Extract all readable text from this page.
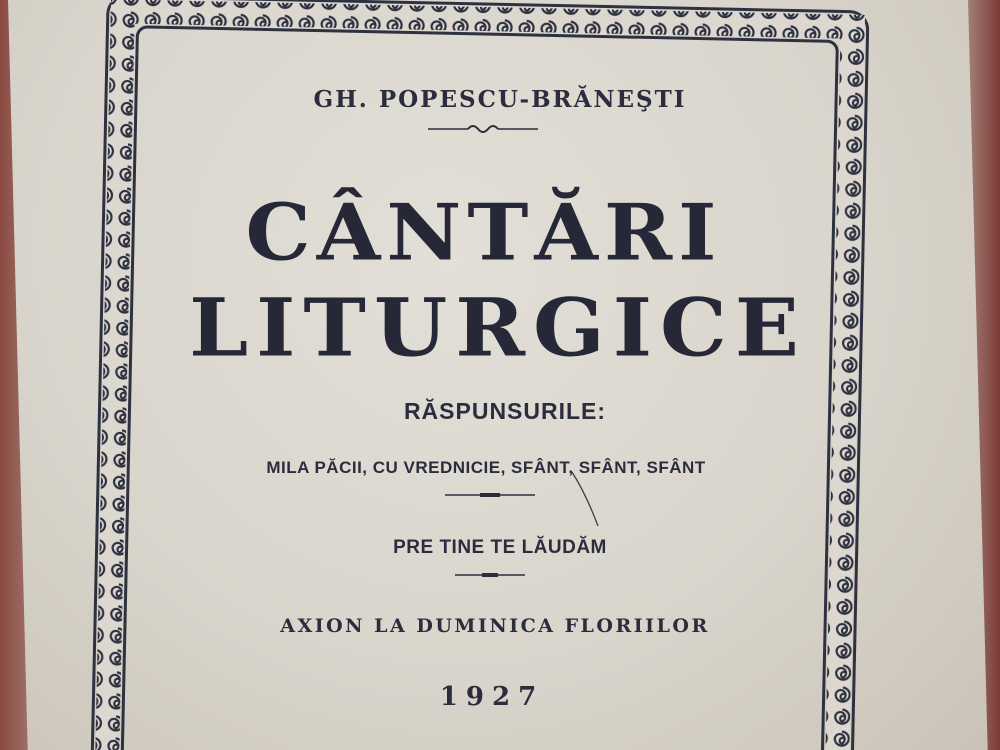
GH. POPESCU-BRĂNEŞTI
CÂNTĂRI
LITURGICE
RĂSPUNSURILE:
MILA PĂCII, CU VREDNICIE, SFÂNT, SFÂNT, SFÂNT
PRE TINE TE LĂUDĂM
AXION LA DUMINICA FLORIILOR
1927
